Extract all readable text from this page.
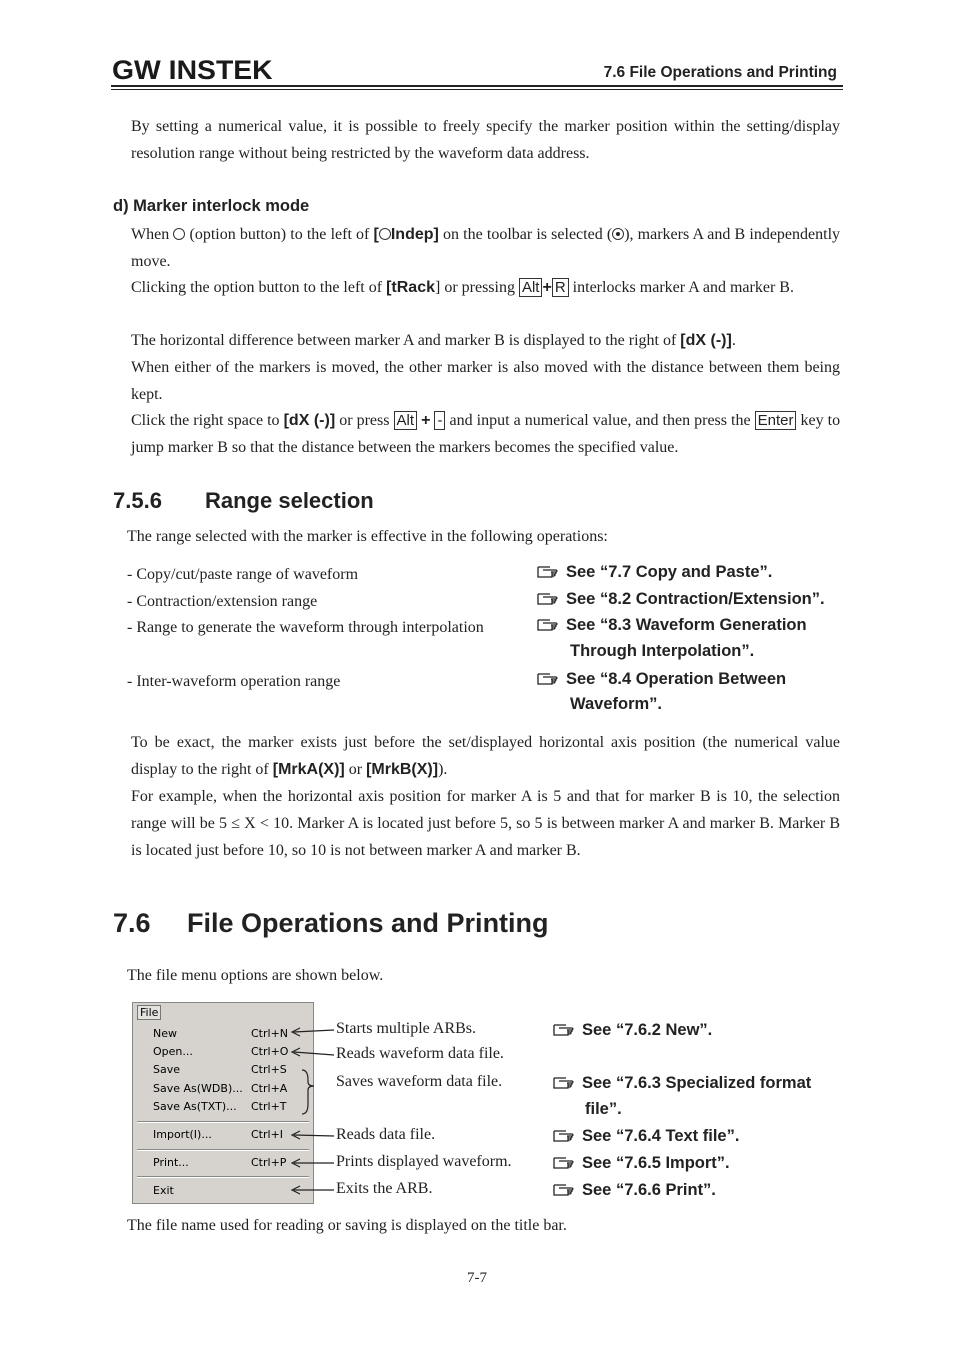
GW INSTEK	7.6 File Operations and Printing
By setting a numerical value, it is possible to freely specify the marker position within the setting/display resolution range without being restricted by the waveform data address.
d) Marker interlock mode
When (option button) to the left of [ Indep] on the toolbar is selected ( ), markers A and B independently move.
Clicking the option button to the left of [tRack] or pressing Alt + R interlocks marker A and marker B.
The horizontal difference between marker A and marker B is displayed to the right of [dX (-)].
When either of the markers is moved, the other marker is also moved with the distance between them being kept.
Click the right space to [dX (-)] or press Alt + - and input a numerical value, and then press the Enter key to jump marker B so that the distance between the markers becomes the specified value.
7.5.6 Range selection
The range selected with the marker is effective in the following operations:
- Copy/cut/paste range of waveform	See “7.7 Copy and Paste”.
- Contraction/extension range	See “8.2 Contraction/Extension”.
- Range to generate the waveform through interpolation	See “8.3 Waveform Generation
Through Interpolation”.
- Inter-waveform operation range	See “8.4 Operation Between
Waveform”.
To be exact, the marker exists just before the set/displayed horizontal axis position (the numerical value display to the right of [MrkA(X)] or [MrkB(X)]).
For example, when the horizontal axis position for marker A is 5 and that for marker B is 10, the selection range will be 5 ≤ X < 10. Marker A is located just before 5, so 5 is between marker A and marker B. Marker B is located just before 10, so 10 is not between marker A and marker B.
7.6 File Operations and Printing
The file menu options are shown below.
File
New	Ctrl+N
Open...	Ctrl+O
Save	Ctrl+S
Save As(WDB)... Ctrl+A
Save As(TXT)... Ctrl+T
Import(I)...	Ctrl+I
Print...	Ctrl+P
Exit
Starts multiple ARBs.	See “7.6.2 New”.
Reads waveform data file.
Saves waveform data file.	See “7.6.3 Specialized format
file”.
Reads data file.	See “7.6.4 Text file”.
Prints displayed waveform.	See “7.6.5 Import”.
Exits the ARB.	See “7.6.6 Print”.
The file name used for reading or saving is displayed on the title bar.
7-7
